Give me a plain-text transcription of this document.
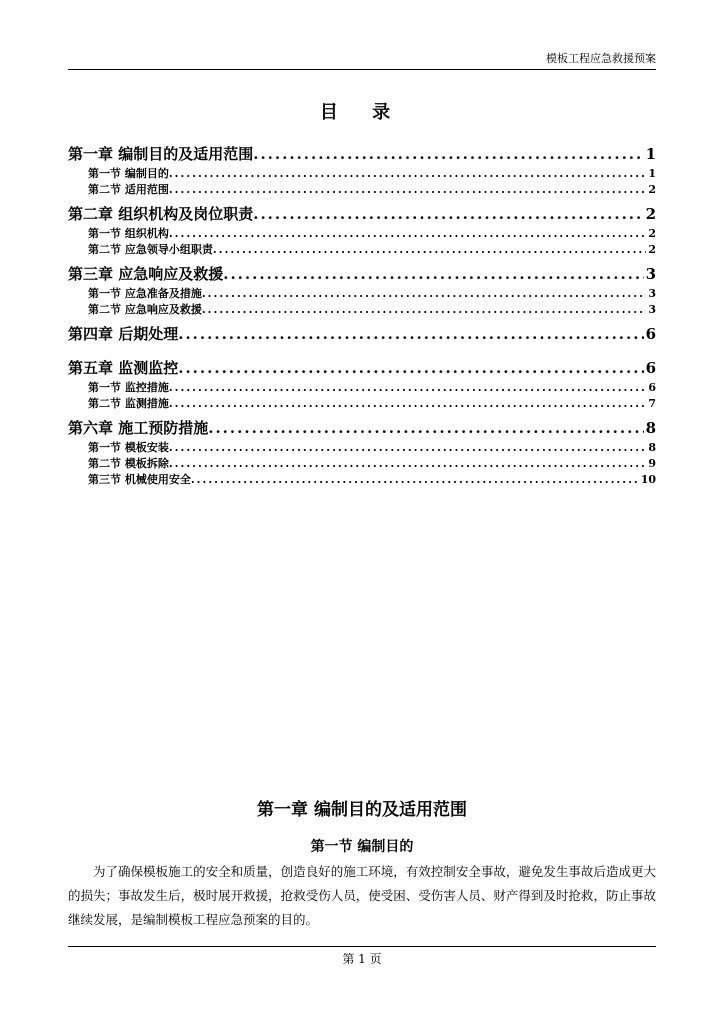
模板工程应急救援预案
目 录
第一章 编制目的及适用范围 .....	1
第一节 编制目的 .....	1
第二节 适用范围 .....	2
第二章 组织机构及岗位职责 .....	2
第一节 组织机构 .....	2
第二节 应急领导小组职责 .....	2
第三章 应急响应及救援 .....	3
第一节 应急准备及措施 .....	3
第二节 应急响应及救援 .....	3
第四章 后期处理 .....	6
第五章 监测监控 .....	6
第一节 监控措施 .....	6
第二节 监测措施 .....	7
第六章 施工预防措施 .....	8
第一节 模板安装 .....	8
第二节 模板拆除 .....	9
第三节 机械使用安全 .....	10
第一章 编制目的及适用范围
第一节 编制目的

为了确保模板施工的安全和质量，创造良好的施工环境，有效控制安全事故，避免发生事故后造成更大的损失；事故发生后，极时展开救援，抢救受伤人员，使受困、受伤害人员、财产得到及时抢救，防止事故继续发展，是编制模板工程应急预案的目的。

第 1 页
